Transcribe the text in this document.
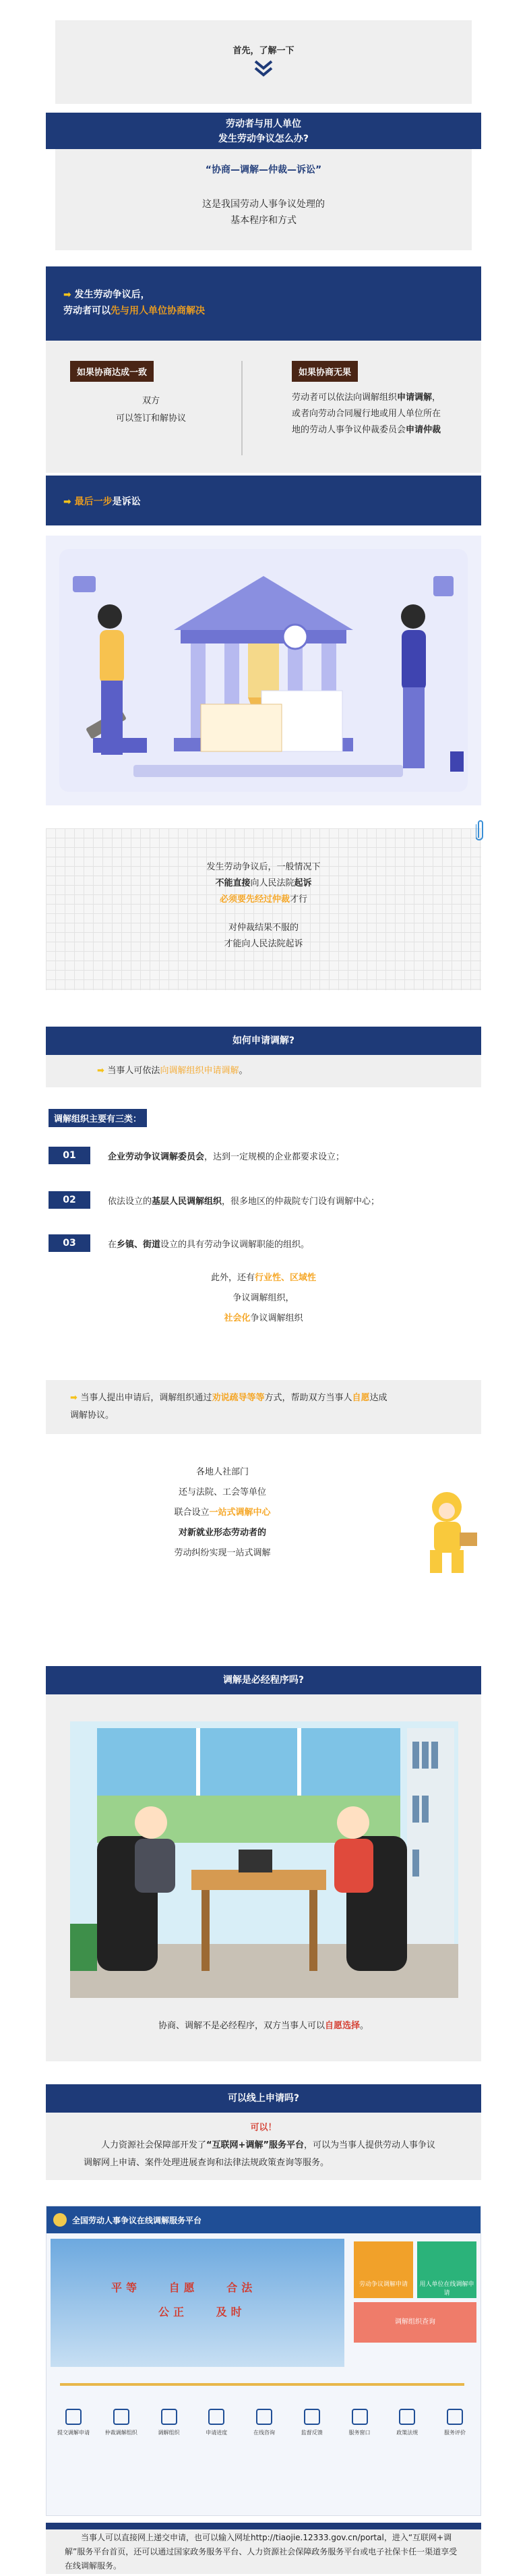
首先，了解一下
劳动者与用人单位
发生劳动争议怎么办?
“协商—调解—仲裁—诉讼”
这是我国劳动人事争议处理的
基本程序和方式
➡ 发生劳动争议后，
劳动者可以先与用人单位协商解决
如果协商达成一致
双方
可以签订和解协议
如果协商无果
劳动者可以依法向调解组织申请调解，
或者向劳动合同履行地或用人单位所在
地的劳动人事争议仲裁委员会申请仲裁
➡ 最后一步是诉讼
发生劳动争议后，一般情况下
不能直接向人民法院起诉
必须要先经过仲裁才行
对仲裁结果不服的
才能向人民法院起诉
如何申请调解?
➡ 当事人可依法向调解组织申请调解。
调解组织主要有三类：
01	企业劳动争议调解委员会，达到一定规模的企业都要求设立；
02	依法设立的基层人民调解组织，很多地区的仲裁院专门设有调解中心；
03	在乡镇、街道设立的具有劳动争议调解职能的组织。
此外，还有行业性、区域性
争议调解组织，
社会化争议调解组织
➡ 当事人提出申请后，调解组织通过劝说疏导等等方式，帮助双方当事人自愿达成
调解协议。
各地人社部门
还与法院、工会等单位
联合设立一站式调解中心
对新就业形态劳动者的
劳动纠纷实现一站式调解
调解是必经程序吗?
协商、调解不是必经程序，双方当事人可以自愿选择。
可以线上申请吗?
可以！
人力资源社会保障部开发了“互联网+调解”服务平台，可以为当事人提供劳动人事争议调解网上申请、案件处理进展查询和法律法规政策查询等服务。
全国劳动人事争议在线调解服务平台
平等	自愿	合法
公正	及时
劳动争议调解申请	用人单位在线调解申请
调解组织查询
提交调解申请	仲裁调解组织	调解组织	申请进度	在线咨询	监督反馈	服务窗口	政策法规	服务评价
当事人可以直接网上递交申请，也可以输入网址http://tiaojie.12333.gov.cn/portal，进入“互联网+调解”服务平台首页，还可以通过国家政务服务平台、人力资源社会保障政务服务平台或电子社保卡任一渠道享受在线调解服务。
